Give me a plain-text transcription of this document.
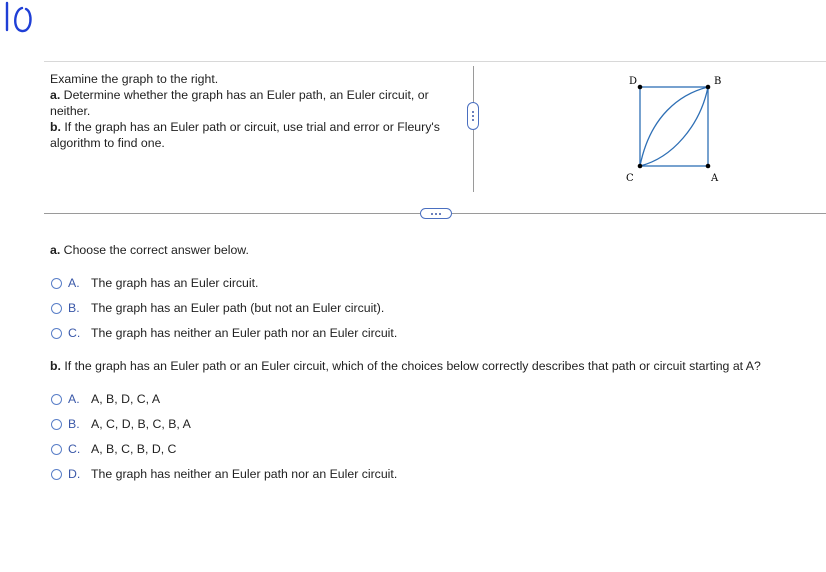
Examine the graph to the right.

a. Determine whether the graph has an Euler path, an Euler circuit, or neither.

b. If the graph has an Euler path or circuit, use trial and error or Fleury's algorithm to find one.

D	B
C	A
a. Choose the correct answer below.
A. The graph has an Euler circuit.
B. The graph has an Euler path (but not an Euler circuit).
C. The graph has neither an Euler path nor an Euler circuit.
b. If the graph has an Euler path or an Euler circuit, which of the choices below correctly describes that path or circuit starting at A?
A. A, B, D, C, A
B. A, C, D, B, C, B, A
C. A, B, C, B, D, C
D. The graph has neither an Euler path nor an Euler circuit.
